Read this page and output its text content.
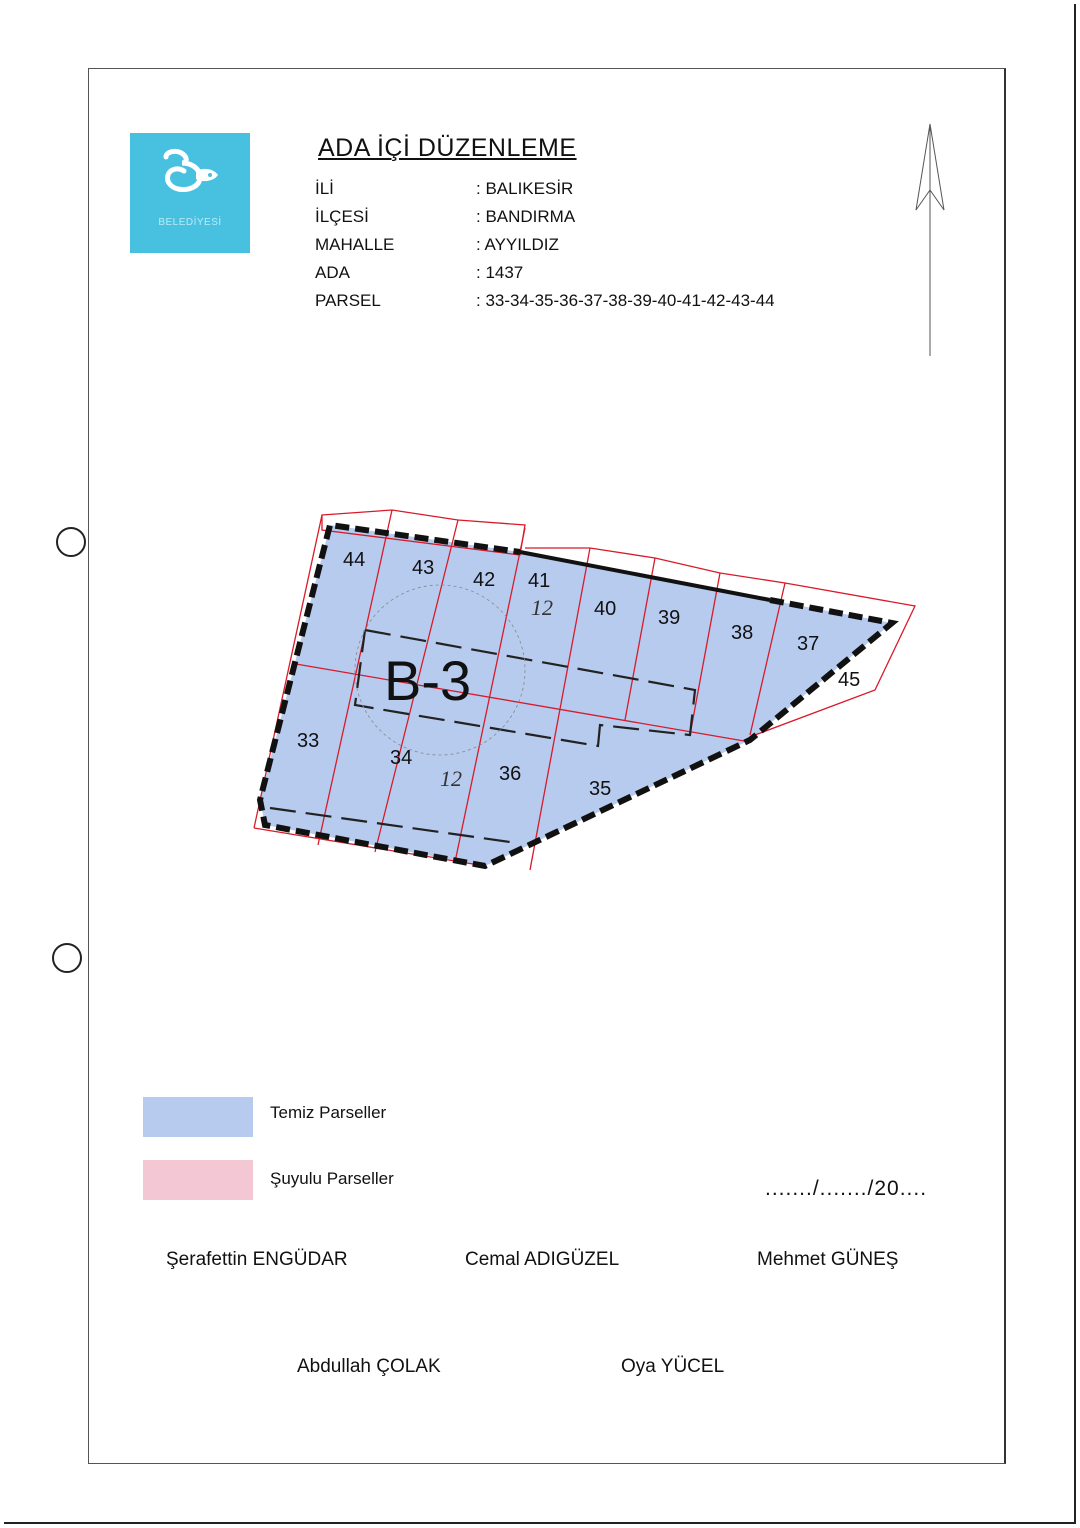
BELEDİYESİ
ADA İÇİ DÜZENLEME
İLİ	: BALIKESİR
İLÇESİ	: BANDIRMA
MAHALLE	: AYYILDIZ
ADA	: 1437
PARSEL	: 33-34-35-36-37-38-39-40-41-42-43-44
44 43
42 41
40 39
38 37
45
33
34
36
35
12
12
B-3
Temiz Parseller
Şuyulu Parseller	......./......./20....
Şerafettin ENGÜDAR	Cemal ADIGÜZEL	Mehmet GÜNEŞ
Abdullah ÇOLAK	Oya YÜCEL
